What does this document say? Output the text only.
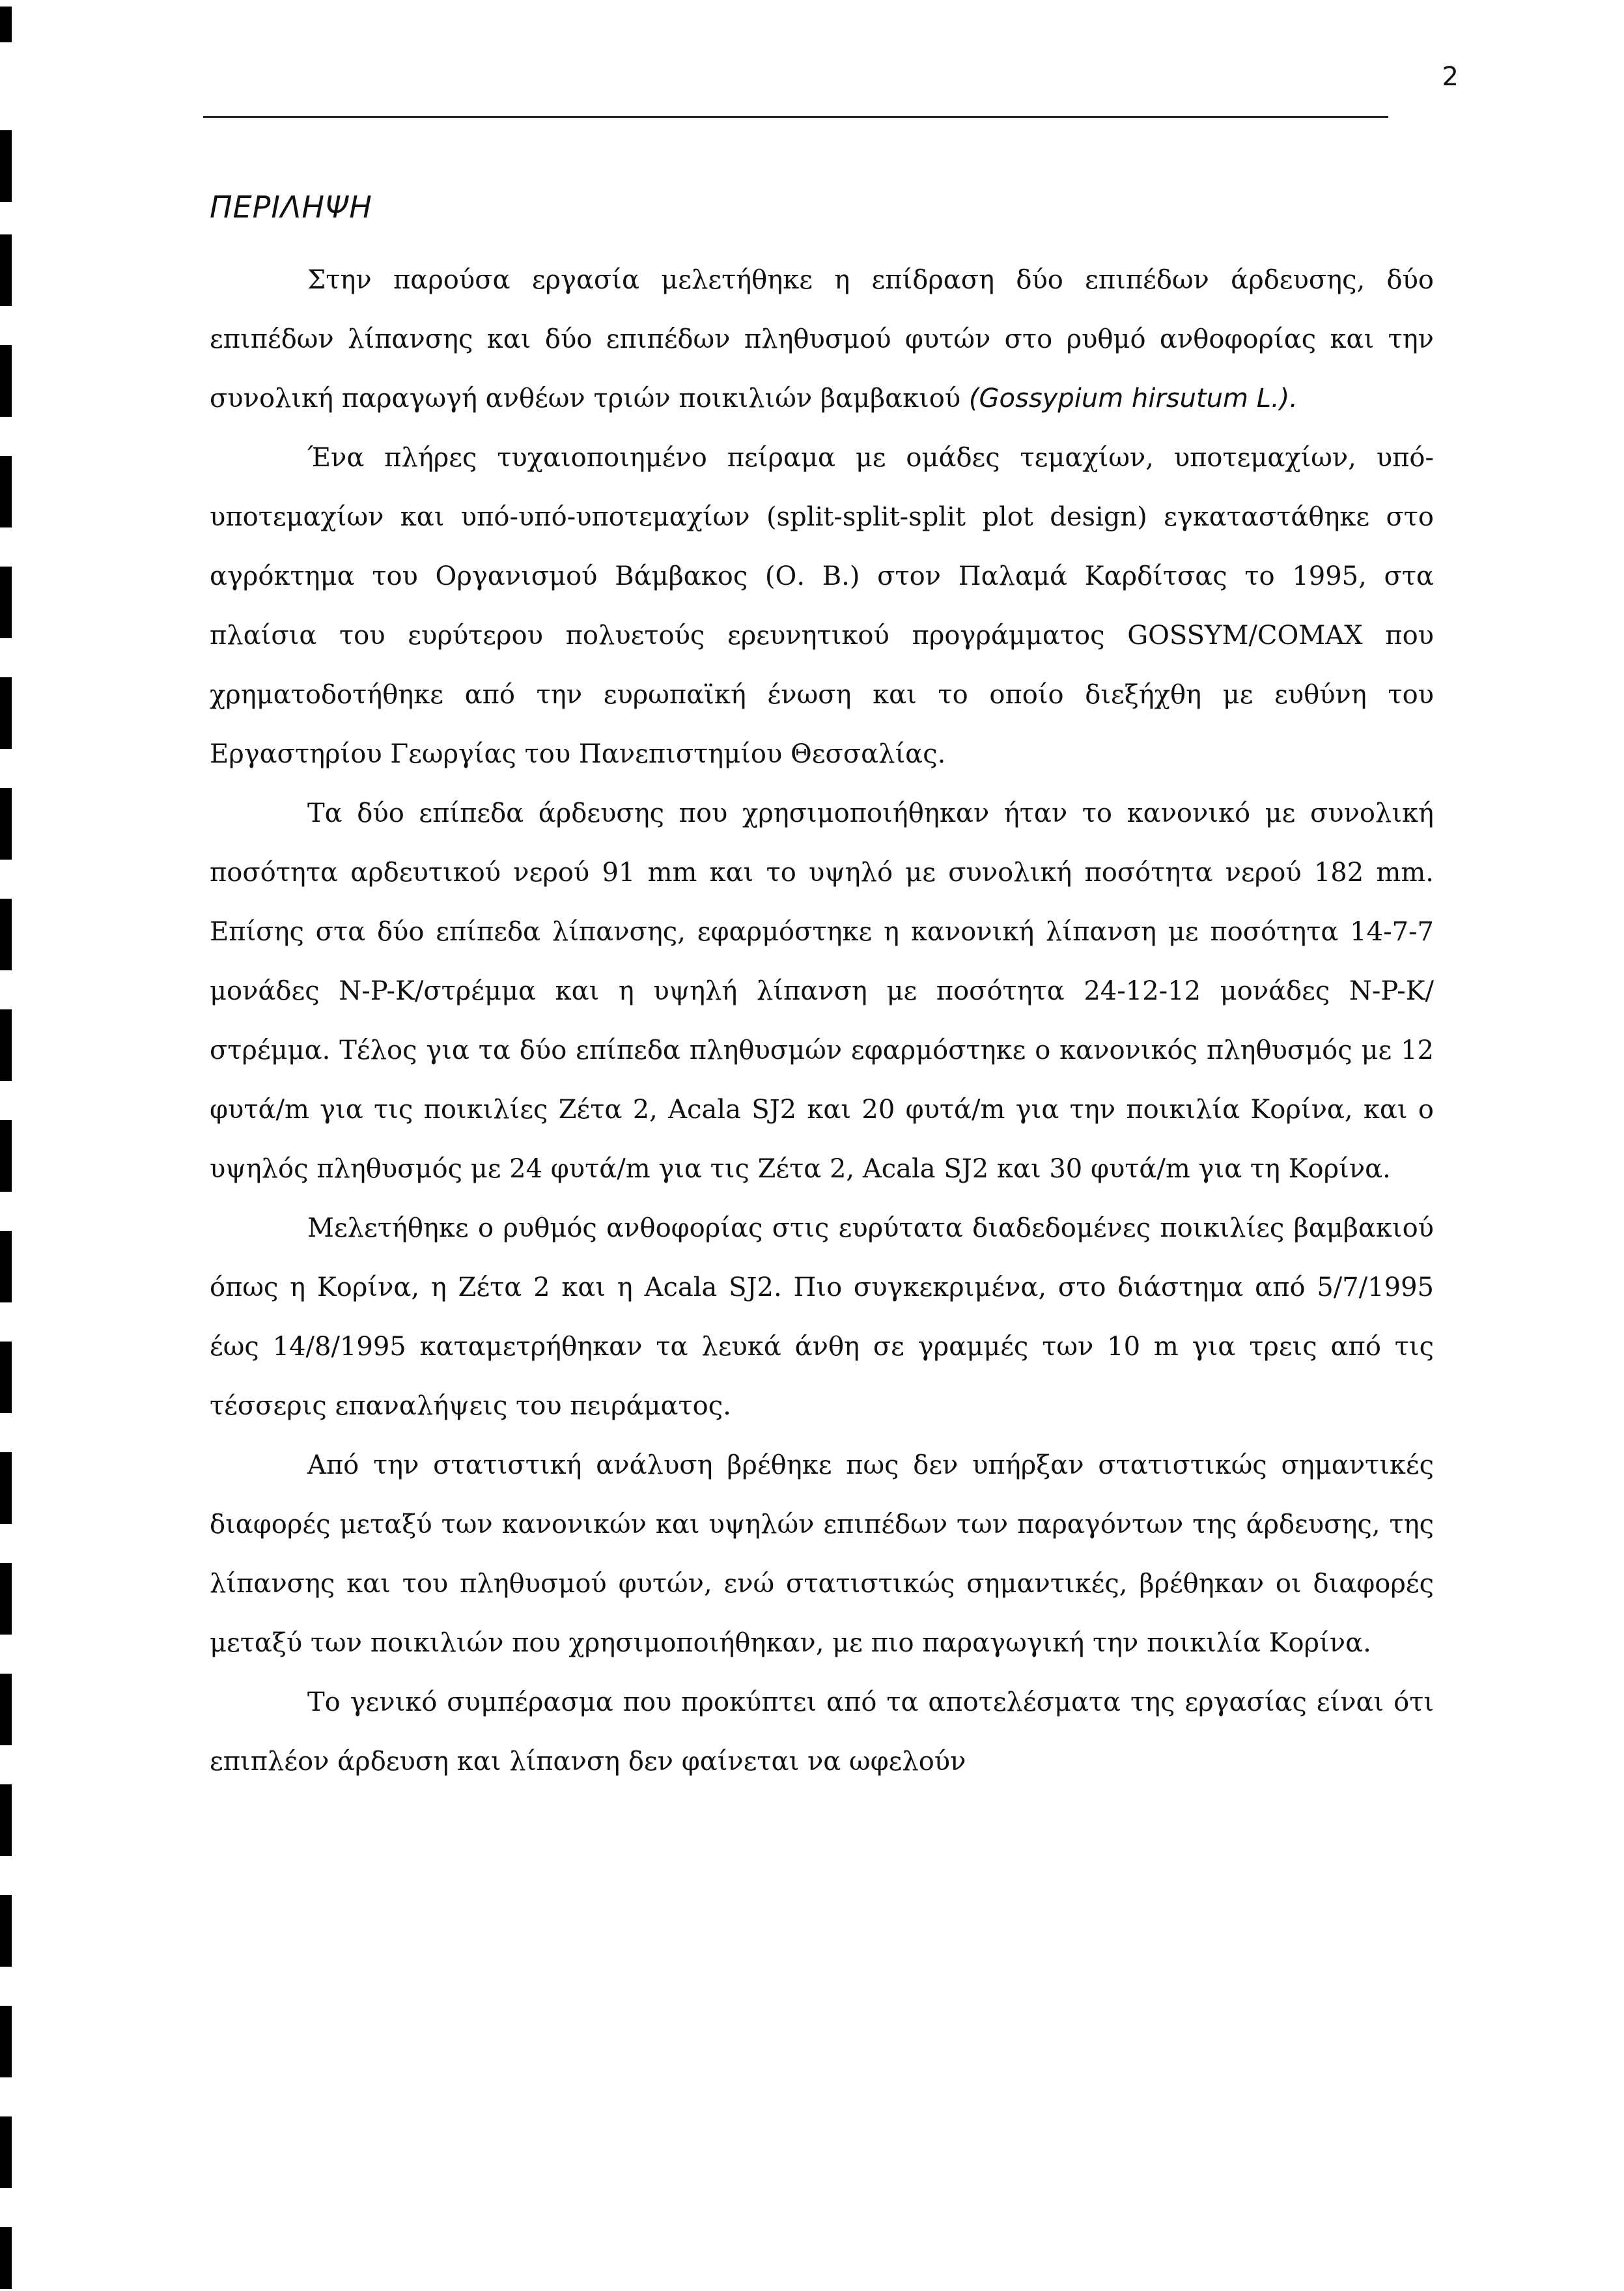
2
ΠΕΡΙΛΗΨΗ

Στην παρούσα εργασία μελετήθηκε η επίδραση δύο επιπέδων άρδευσης, δύο επιπέδων λίπανσης και δύο επιπέδων πληθυσμού φυτών στο ρυθμό ανθοφορίας και την συνολική παραγωγή ανθέων τριών ποικιλιών βαμβακιού (Gossypium hirsutum L.).

Ένα πλήρες τυχαιοποιημένο πείραμα με ομάδες τεμαχίων, υποτεμαχίων, υπό-υποτεμαχίων και υπό-υπό-υποτεμαχίων (split-split-split plot design) εγκαταστάθηκε στο αγρόκτημα του Οργανισμού Βάμβακος (Ο. Β.) στον Παλαμά Καρδίτσας το 1995, στα πλαίσια του ευρύτερου πολυετούς ερευνητικού προγράμματος GOSSYM/COMAX που χρηματοδοτήθηκε από την ευρωπαϊκή ένωση και το οποίο διεξήχθη με ευθύνη του Εργαστηρίου Γεωργίας του Πανεπιστημίου Θεσσαλίας.

Τα δύο επίπεδα άρδευσης που χρησιμοποιήθηκαν ήταν το κανονικό με συνολική ποσότητα αρδευτικού νερού 91 mm και το υψηλό με συνολική ποσότητα νερού 182 mm. Επίσης στα δύο επίπεδα λίπανσης, εφαρμόστηκε η κανονική λίπανση με ποσότητα 14-7-7 μονάδες N-P-K/στρέμμα και η υψηλή λίπανση με ποσότητα 24-12-12 μονάδες N-P-K/στρέμμα. Τέλος για τα δύο επίπεδα πληθυσμών εφαρμόστηκε ο κανονικός πληθυσμός με 12 φυτά/m για τις ποικιλίες Ζέτα 2, Acala SJ2 και 20 φυτά/m για την ποικιλία Κορίνα, και ο υψηλός πληθυσμός με 24 φυτά/m για τις Ζέτα 2, Acala SJ2 και 30 φυτά/m για τη Κορίνα.

Μελετήθηκε ο ρυθμός ανθοφορίας στις ευρύτατα διαδεδομένες ποικιλίες βαμβακιού όπως η Κορίνα, η Ζέτα 2 και η Acala SJ2. Πιο συγκεκριμένα, στο διάστημα από 5/7/1995 έως 14/8/1995 καταμετρήθηκαν τα λευκά άνθη σε γραμμές των 10 m για τρεις από τις τέσσερις επαναλήψεις του πειράματος.

Από την στατιστική ανάλυση βρέθηκε πως δεν υπήρξαν στατιστικώς σημαντικές διαφορές μεταξύ των κανονικών και υψηλών επιπέδων των παραγόντων της άρδευσης, της λίπανσης και του πληθυσμού φυτών, ενώ στατιστικώς σημαντικές, βρέθηκαν οι διαφορές μεταξύ των ποικιλιών που χρησιμοποιήθηκαν, με πιο παραγωγική την ποικιλία Κορίνα.

Το γενικό συμπέρασμα που προκύπτει από τα αποτελέσματα της εργασίας είναι ότι επιπλέον άρδευση και λίπανση δεν φαίνεται να ωφελούν
